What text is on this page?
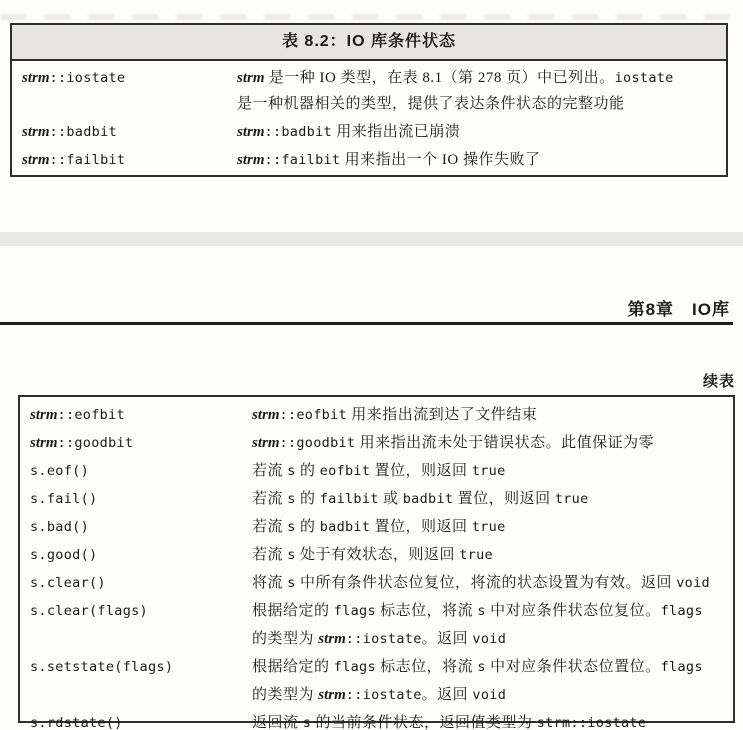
表 8.2：IO 库条件状态
strm::iostate	strm 是一种 IO 类型，在表 8.1（第 278 页）中已列出。iostate
是一种机器相关的类型，提供了表达条件状态的完整功能
strm::badbit	strm::badbit 用来指出流已崩溃
strm::failbit	strm::failbit 用来指出一个 IO 操作失败了
第8章　IO库
续表
strm::eofbit	strm::eofbit 用来指出流到达了文件结束
strm::goodbit	strm::goodbit 用来指出流未处于错误状态。此值保证为零
s.eof()	若流 s 的 eofbit 置位，则返回 true
s.fail()	若流 s 的 failbit 或 badbit 置位，则返回 true
s.bad()	若流 s 的 badbit 置位，则返回 true
s.good()	若流 s 处于有效状态，则返回 true
s.clear()	将流 s 中所有条件状态位复位，将流的状态设置为有效。返回 void
s.clear(flags)	根据给定的 flags 标志位，将流 s 中对应条件状态位复位。flags
的类型为 strm::iostate。返回 void
s.setstate(flags)	根据给定的 flags 标志位，将流 s 中对应条件状态位置位。flags
的类型为 strm::iostate。返回 void
s.rdstate()	返回流 s 的当前条件状态，返回值类型为 strm::iostate
